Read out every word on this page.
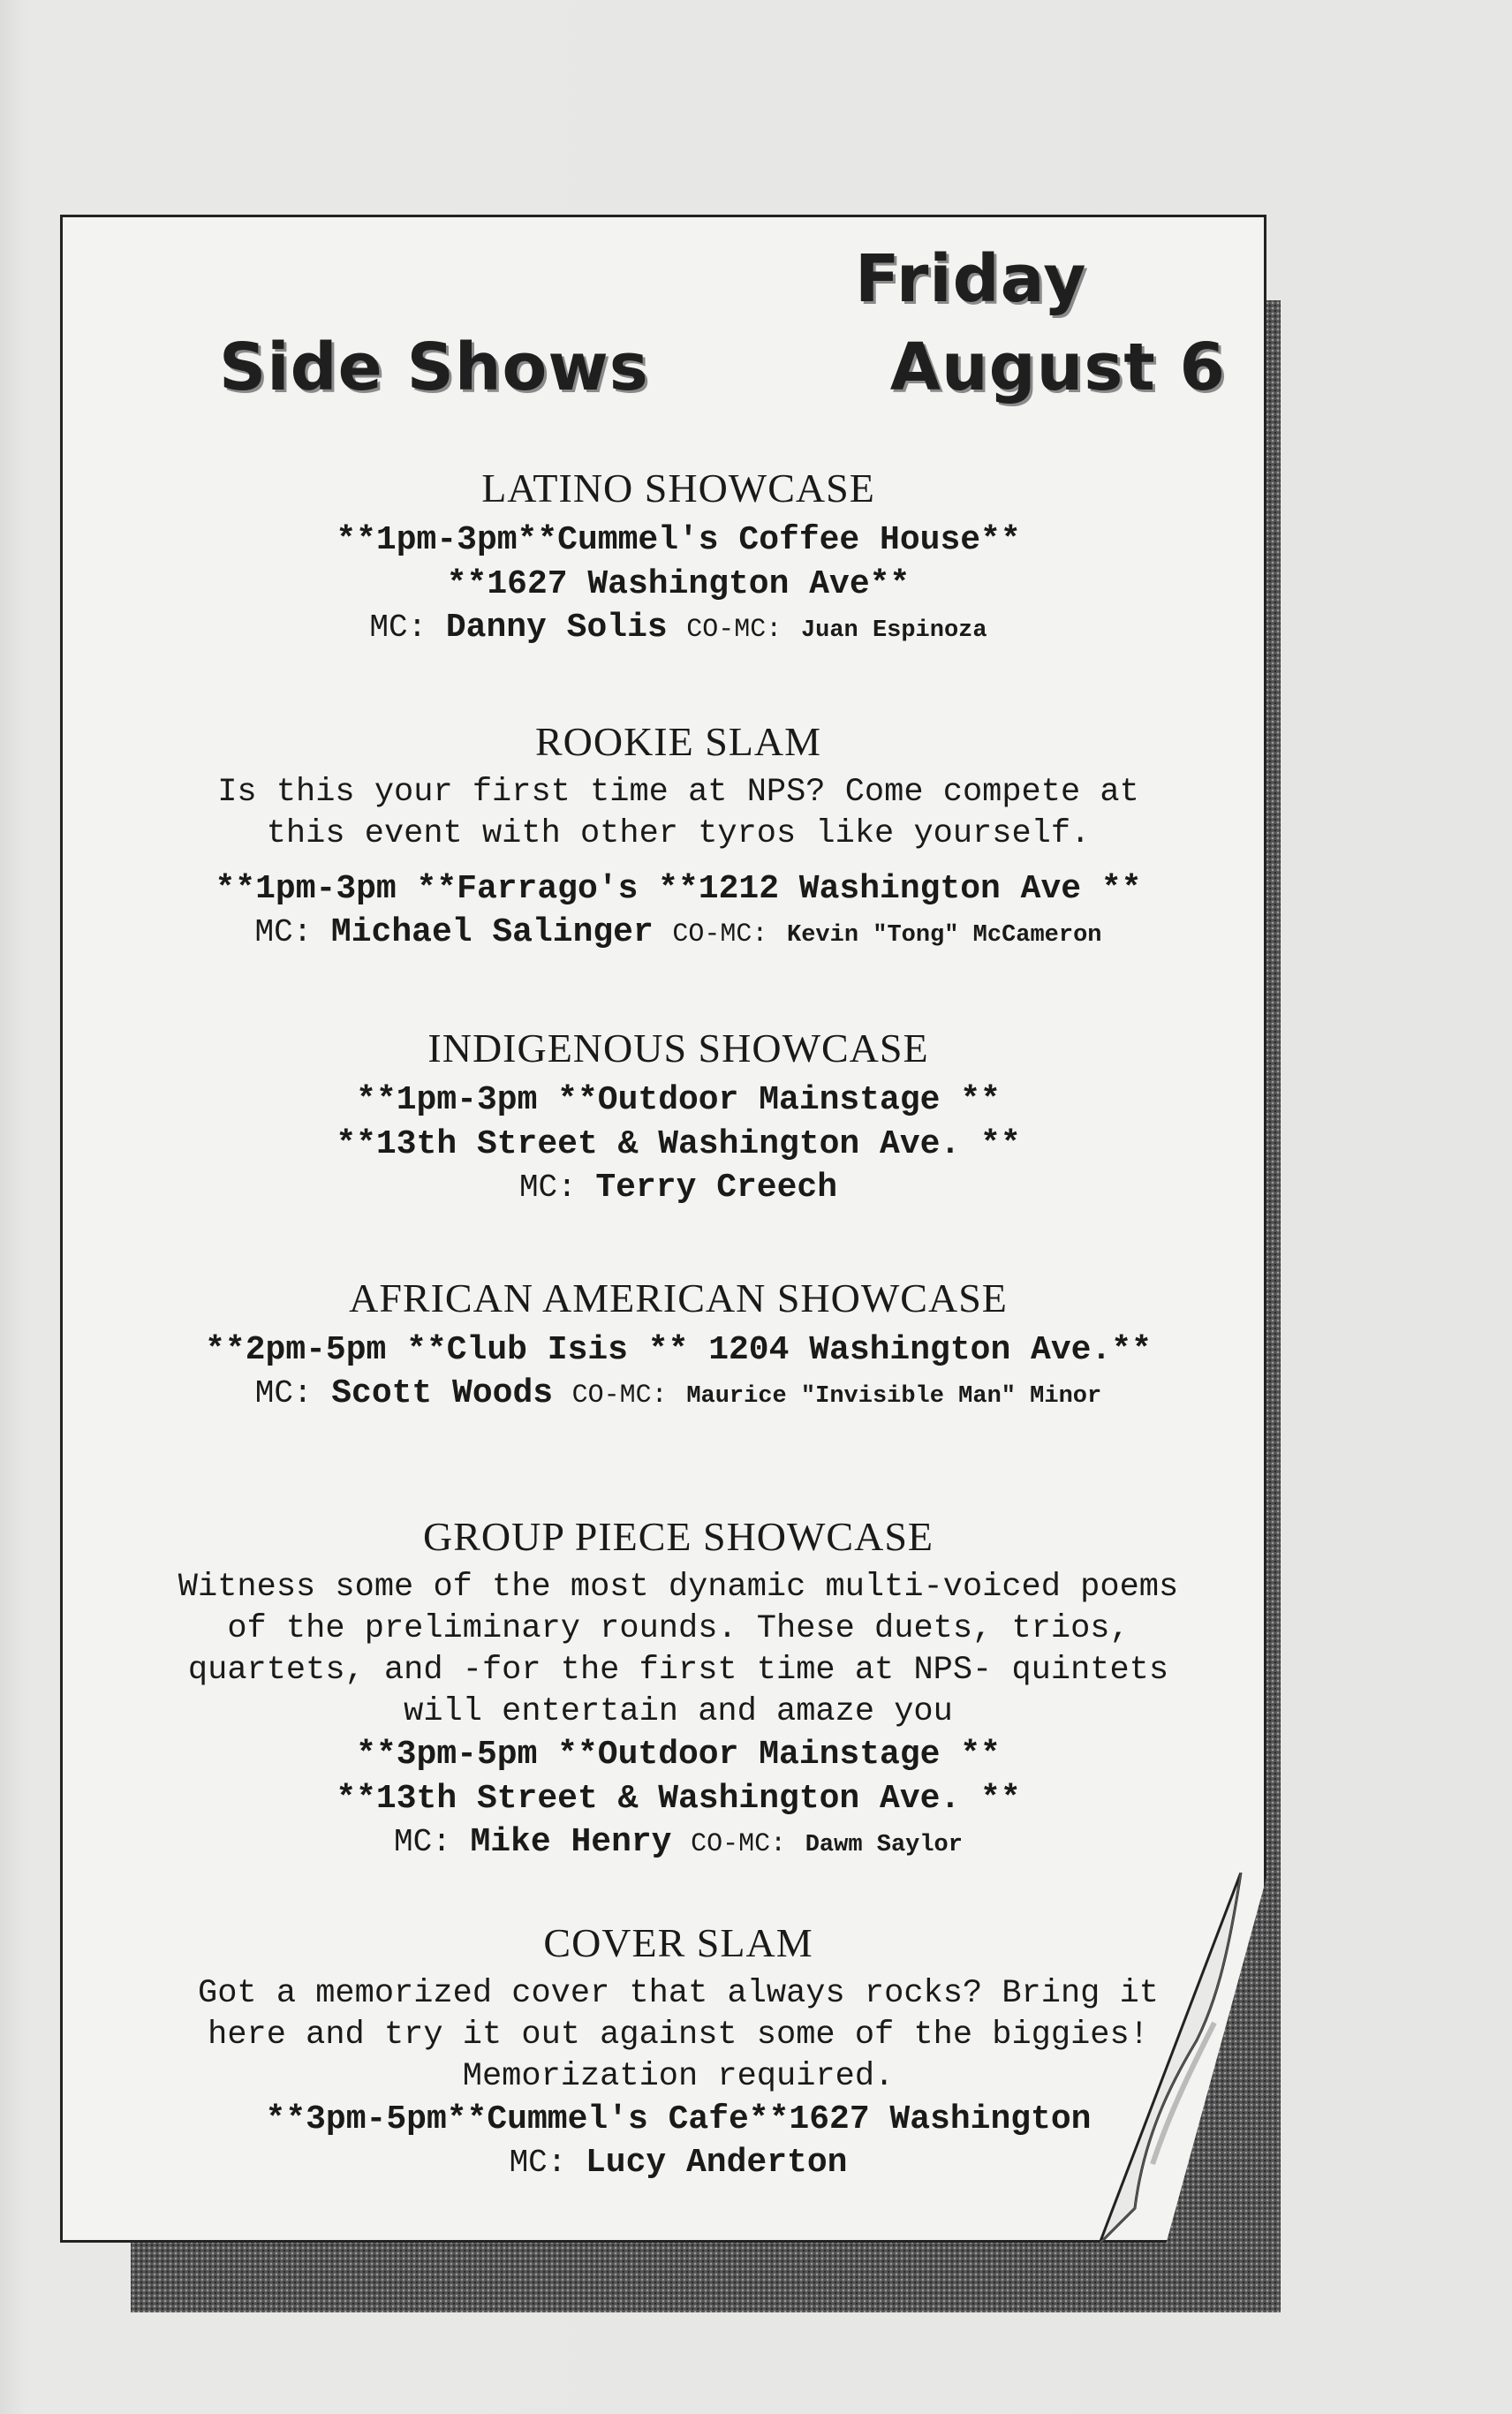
Friday
Side Shows	August 6
LATINO SHOWCASE
**1pm-3pm**Cummel's Coffee House**
**1627 Washington Ave**
MC: Danny Solis CO-MC: Juan Espinoza
ROOKIE SLAM
Is this your first time at NPS? Come compete at
this event with other tyros like yourself.
**1pm-3pm **Farrago's **1212 Washington Ave **
MC: Michael Salinger CO-MC: Kevin "Tong" McCameron
INDIGENOUS SHOWCASE
**1pm-3pm **Outdoor Mainstage **
**13th Street & Washington Ave. **
MC: Terry Creech
AFRICAN AMERICAN SHOWCASE
**2pm-5pm **Club Isis ** 1204 Washington Ave.**
MC: Scott Woods CO-MC: Maurice "Invisible Man" Minor
GROUP PIECE SHOWCASE
Witness some of the most dynamic multi-voiced poems
of the preliminary rounds. These duets, trios,
quartets, and -for the first time at NPS- quintets
will entertain and amaze you
**3pm-5pm **Outdoor Mainstage **
**13th Street & Washington Ave. **
MC: Mike Henry CO-MC: Dawm Saylor
COVER SLAM
Got a memorized cover that always rocks? Bring it
here and try it out against some of the biggies!
Memorization required.
**3pm-5pm**Cummel's Cafe**1627 Washington
MC: Lucy Anderton
